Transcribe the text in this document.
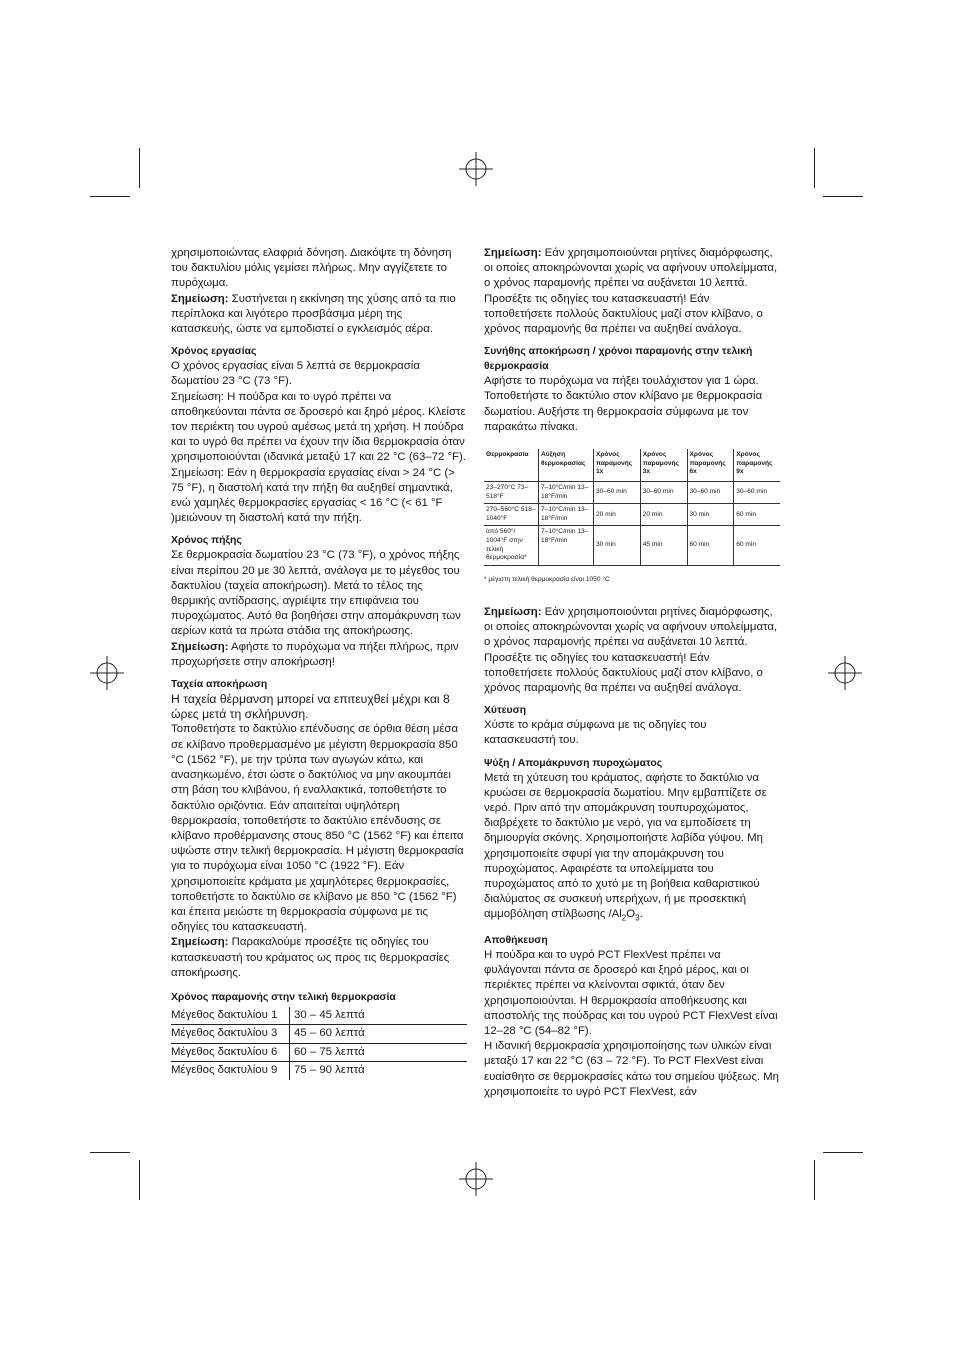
χρησιμοποιώντας ελαφριά δόνηση. Διακόψτε τη δόνηση του δακτυλίου μόλις γεμίσει πλήρως. Μην αγγίζετετε το πυρόχωμα.

Σημείωση: Συστήνεται η εκκίνηση της χύσης από τα πιο περίπλοκα και λιγότερο προσβάσιμα μέρη της κατασκευής, ώστε να εμποδιστεί ο εγκλεισμός αέρα.

Χρόνος εργασίας

Ο χρόνος εργασίας είναι 5 λεπτά σε θερμοκρασία δωματίου 23 °C (73 °F).

Σημείωση: Η πούδρα και το υγρό πρέπει να αποθηκεύονται πάντα σε δροσερό και ξηρό μέρος. Κλείστε τον περιέκτη του υγρού αμέσως μετά τη χρήση. Η πούδρα και το υγρό θα πρέπει να έχουν την ίδια θερμοκρασία όταν χρησιμοποιούνται (ιδανικά μεταξύ 17 και 22 °C (63–72 °F).

Σημείωση: Εάν η θερμοκρασία εργασίας είναι > 24 °C (> 75 °F), η διαστολή κατά την πήξη θα αυξηθεί σημαντικά, ενώ χαμηλές θερμοκρασίες εργασίας < 16 °C (< 61 °F )μειώνουν τη διαστολή κατά την πήξη.

Χρόνος πήξης

Σε θερμοκρασία δωματίου 23 °C (73 °F), ο χρόνος πήξης είναι περίπου 20 με 30 λεπτά, ανάλογα με το μέγεθος του δακτυλίου (ταχεία αποκήρωση). Μετά το τέλος της θερμικής αντίδρασης, αγριέψτε την επιφάνεια του πυροχώματος. Αυτό θα βοηθήσει στην απομάκρυνση των αερίων κατά τα πρώτα στάδια της αποκήρωσης.

Σημείωση: Αφήστε το πυρόχωμα να πήξει πλήρως, πριν προχωρήσετε στην αποκήρωση!

Ταχεία αποκήρωση

Η ταχεία θέρμανση μπορεί να επιτευχθεί μέχρι και 8 ώρες μετά τη σκλήρυνση.

Τοποθετήστε το δακτύλιο επένδυσης σε όρθια θέση μέσα σε κλίβανο προθερμασμένο με μέγιστη θερμοκρασία 850 °C (1562 °F), με την τρύπα των αγωγών κάτω, και ανασηκωμένο, έτσι ώστε ο δακτύλιος να μην ακουμπάει στη βάση του κλιβάνου, ή εναλλακτικά, τοποθετήστε το δακτύλιο οριζόντια. Εάν απαιτείται υψηλότερη θερμοκρασία, τοποθετήστε το δακτύλιο επένδυσης σε κλίβανο προθέρμανσης στους 850 °C (1562 °F) και έπειτα υψώστε στην τελική θερμοκρασία. Η μέγιστη θερμοκρασία για το πυρόχωμα είναι 1050 °C (1922 °F). Εάν χρησιμοποιείτε κράματα με χαμηλότερες θερμοκρασίες, τοποθετήστε το δακτύλιο σε κλίβανο με 850 °C (1562 °F) και έπειτα μειώστε τη θερμοκρασία σύμφωνα με τις οδηγίες του κατασκευαστή.

Σημείωση: Παρακαλούμε προσέξτε τις οδηγίες του κατασκευαστή του κράματος ως προς τις θερμοκρασίες αποκήρωσης.

Χρόνος παραμονής στην τελική θερμοκρασία
Μέγεθος δακτυλίου 1	30 – 45 λεπτά
Μέγεθος δακτυλίου 3	45 – 60 λεπτά
Μέγεθος δακτυλίου 6	60 – 75 λεπτά
Μέγεθος δακτυλίου 9	75 – 90 λεπτά

Σημείωση: Εάν χρησιμοποιούνται ρητίνες διαμόρφωσης, οι οποίες αποκηρώνονται χωρίς να αφήνουν υπολείμματα, ο χρόνος παραμονής πρέπει να αυξάνεται 10 λεπτά. Προσέξτε τις οδηγίες του κατασκευαστή! Εάν τοποθετήσετε πολλούς δακτυλίους μαζί στον κλίβανο, ο χρόνος παραμονής θα πρέπει να αυξηθεί ανάλογα.

Συνήθης αποκήρωση / χρόνοι παραμονής στην τελική θερμοκρασία

Αφήστε το πυρόχωμα να πήξει τουλάχιστον για 1 ώρα. Τοποθετήστε το δακτύλιο στον κλίβανο με θερμοκρασία δωματίου. Αυξήστε τη θερμοκρασία σύμφωνα με τον παρακάτω πίνακα.

Θερμοκρασία	Αύξηση θερμοκρασίας	Χρόνος παραμονής 1x	Χρόνος παραμονής 3x	Χρόνος παραμονής 6x	Χρόνος παραμονής 9x
23–270°C 73–518°F	7–10°C/min 13–18°F/min	30–60 min	30–60 min	30–60 min	30–60 min
270–560°C 518–1040°F	7–10°C/min 13–18°F/min	20 min	20 min	30 min	60 min
από 560°/ 1004°F στην τελική θερμοκρασία*	7–10°C/min 13–18°F/min	30 min	45 min	60 min	60 min
* μέγιστη τελική θερμοκρασία είναι 1050 °C

Σημείωση: Εάν χρησιμοποιούνται ρητίνες διαμόρφωσης, οι οποίες αποκηρώνονται χωρίς να αφήνουν υπολείμματα, ο χρόνος παραμονής πρέπει να αυξάνεται 10 λεπτά. Προσέξτε τις οδηγίες του κατασκευαστή! Εάν τοποθετήσετε πολλούς δακτυλίους μαζί στον κλίβανο, ο χρόνος παραμονής θα πρέπει να αυξηθεί ανάλογα.

Χύτευση

Χύστε το κράμα σύμφωνα με τις οδηγίες του κατασκευαστή του.

Ψύξη / Απομάκρυνση πυροχώματος

Μετά τη χύτευση του κράματος, αφήστε το δακτύλιο να κρυώσει σε θερμοκρασία δωματίου. Μην εμβαπτίζετε σε νερό. Πριν από την απομάκρυνση τουπυροχώματος, διαβρέχετε το δακτύλιο με νερό, για να εμποδίσετε τη δημιουργία σκόνης. Χρησιμοποιήστε λαβίδα γύψου. Μη χρησιμοποιείτε σφυρί για την απομάκρυνση του πυροχώματος. Αφαιρέστε τα υπολείμματα του πυροχώματος από το χυτό με τη βοήθεια καθαριστικού διαλύματος σε συσκευή υπερήχων, ή με προσεκτική αμμοβόληση στίλβωσης $/Al_2O_3$.

Αποθήκευση

Η πούδρα και το υγρό PCT FlexVest πρέπει να φυλάγονται πάντα σε δροσερό και ξηρό μέρος, και οι περιέκτες πρέπει να κλείνονται σφικτά, όταν δεν χρησιμοποιούνται. Η θερμοκρασία αποθήκευσης και αποστολής της πούδρας και του υγρού PCT FlexVest είναι 12–28 °C (54–82 °F).

Η ιδανική θερμοκρασία χρησιμοποίησης των υλικών είναι μεταξύ 17 και 22 °C (63 – 72 °F). Το PCT FlexVest είναι ευαίσθητο σε θερμοκρασίες κάτω του σημείου ψύξεως. Μη χρησιμοποιείτε το υγρό PCT FlexVest, εάν
